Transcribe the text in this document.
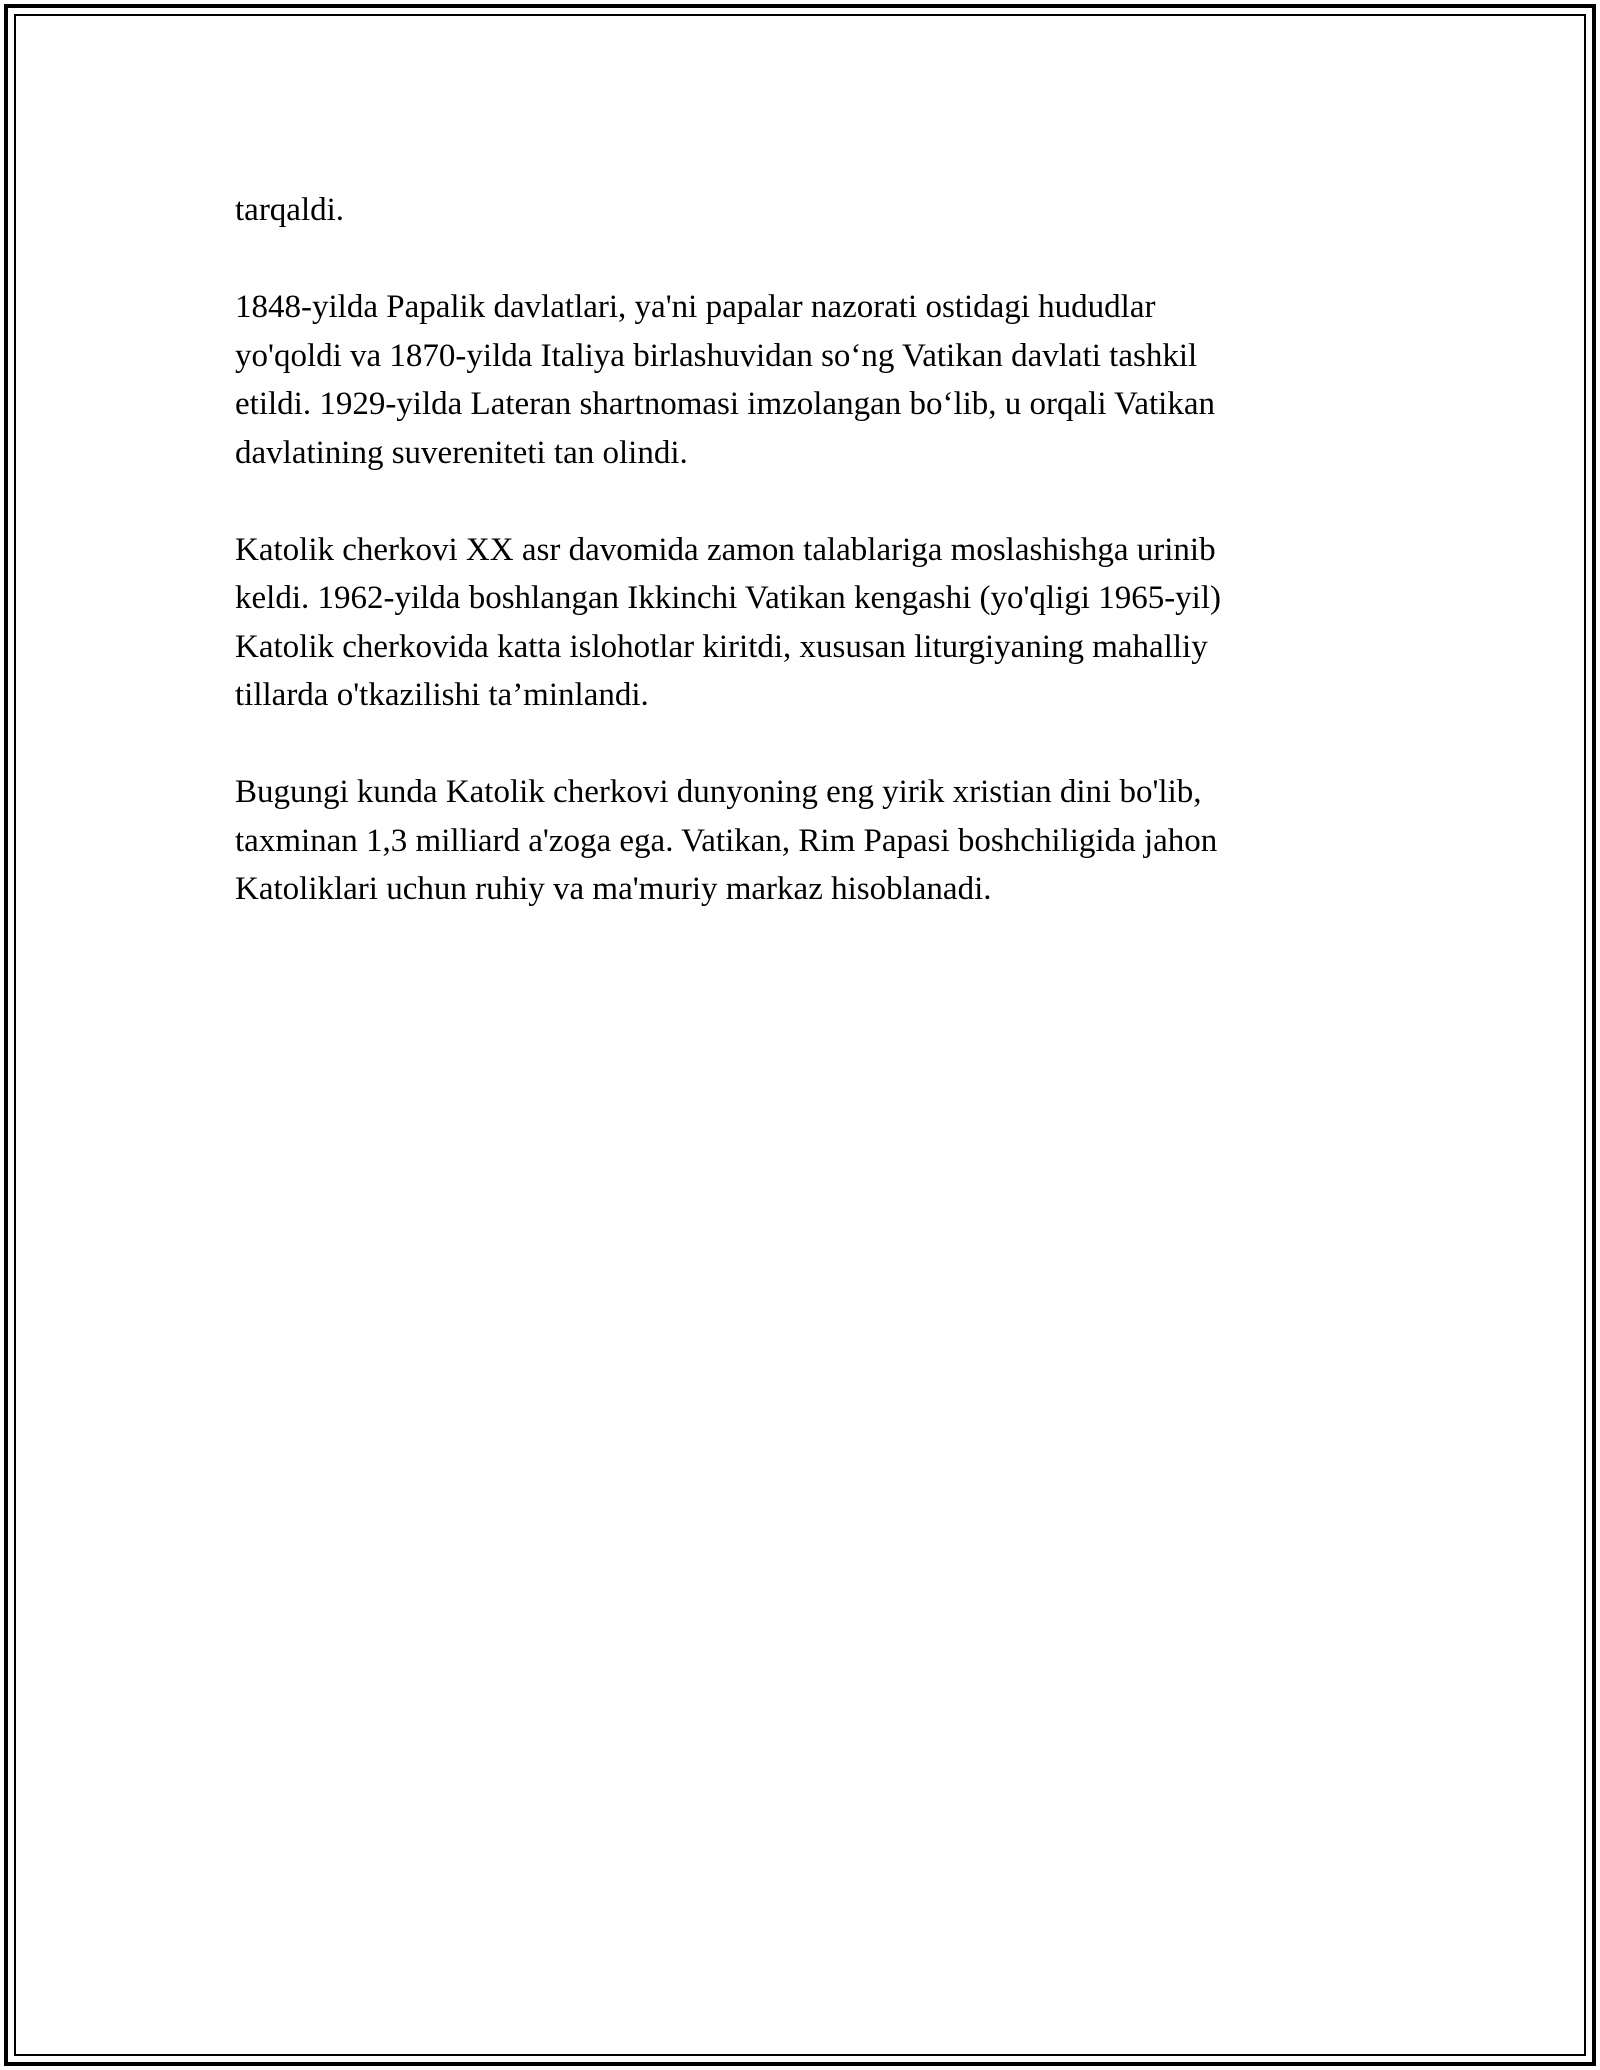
tarqaldi.

1848-yilda Papalik davlatlari, ya'ni papalar nazorati ostidagi hududlar
yo'qoldi va 1870-yilda Italiya birlashuvidan so‘ng Vatikan davlati tashkil
etildi. 1929-yilda Lateran shartnomasi imzolangan bo‘lib, u orqali Vatikan
davlatining suvereniteti tan olindi.

Katolik cherkovi XX asr davomida zamon talablariga moslashishga urinib
keldi. 1962-yilda boshlangan Ikkinchi Vatikan kengashi (yo'qligi 1965-yil)
Katolik cherkovida katta islohotlar kiritdi, xususan liturgiyaning mahalliy
tillarda o'tkazilishi ta’minlandi.

Bugungi kunda Katolik cherkovi dunyoning eng yirik xristian dini bo'lib,
taxminan 1,3 milliard a'zoga ega. Vatikan, Rim Papasi boshchiligida jahon
Katoliklari uchun ruhiy va ma'muriy markaz hisoblanadi.
